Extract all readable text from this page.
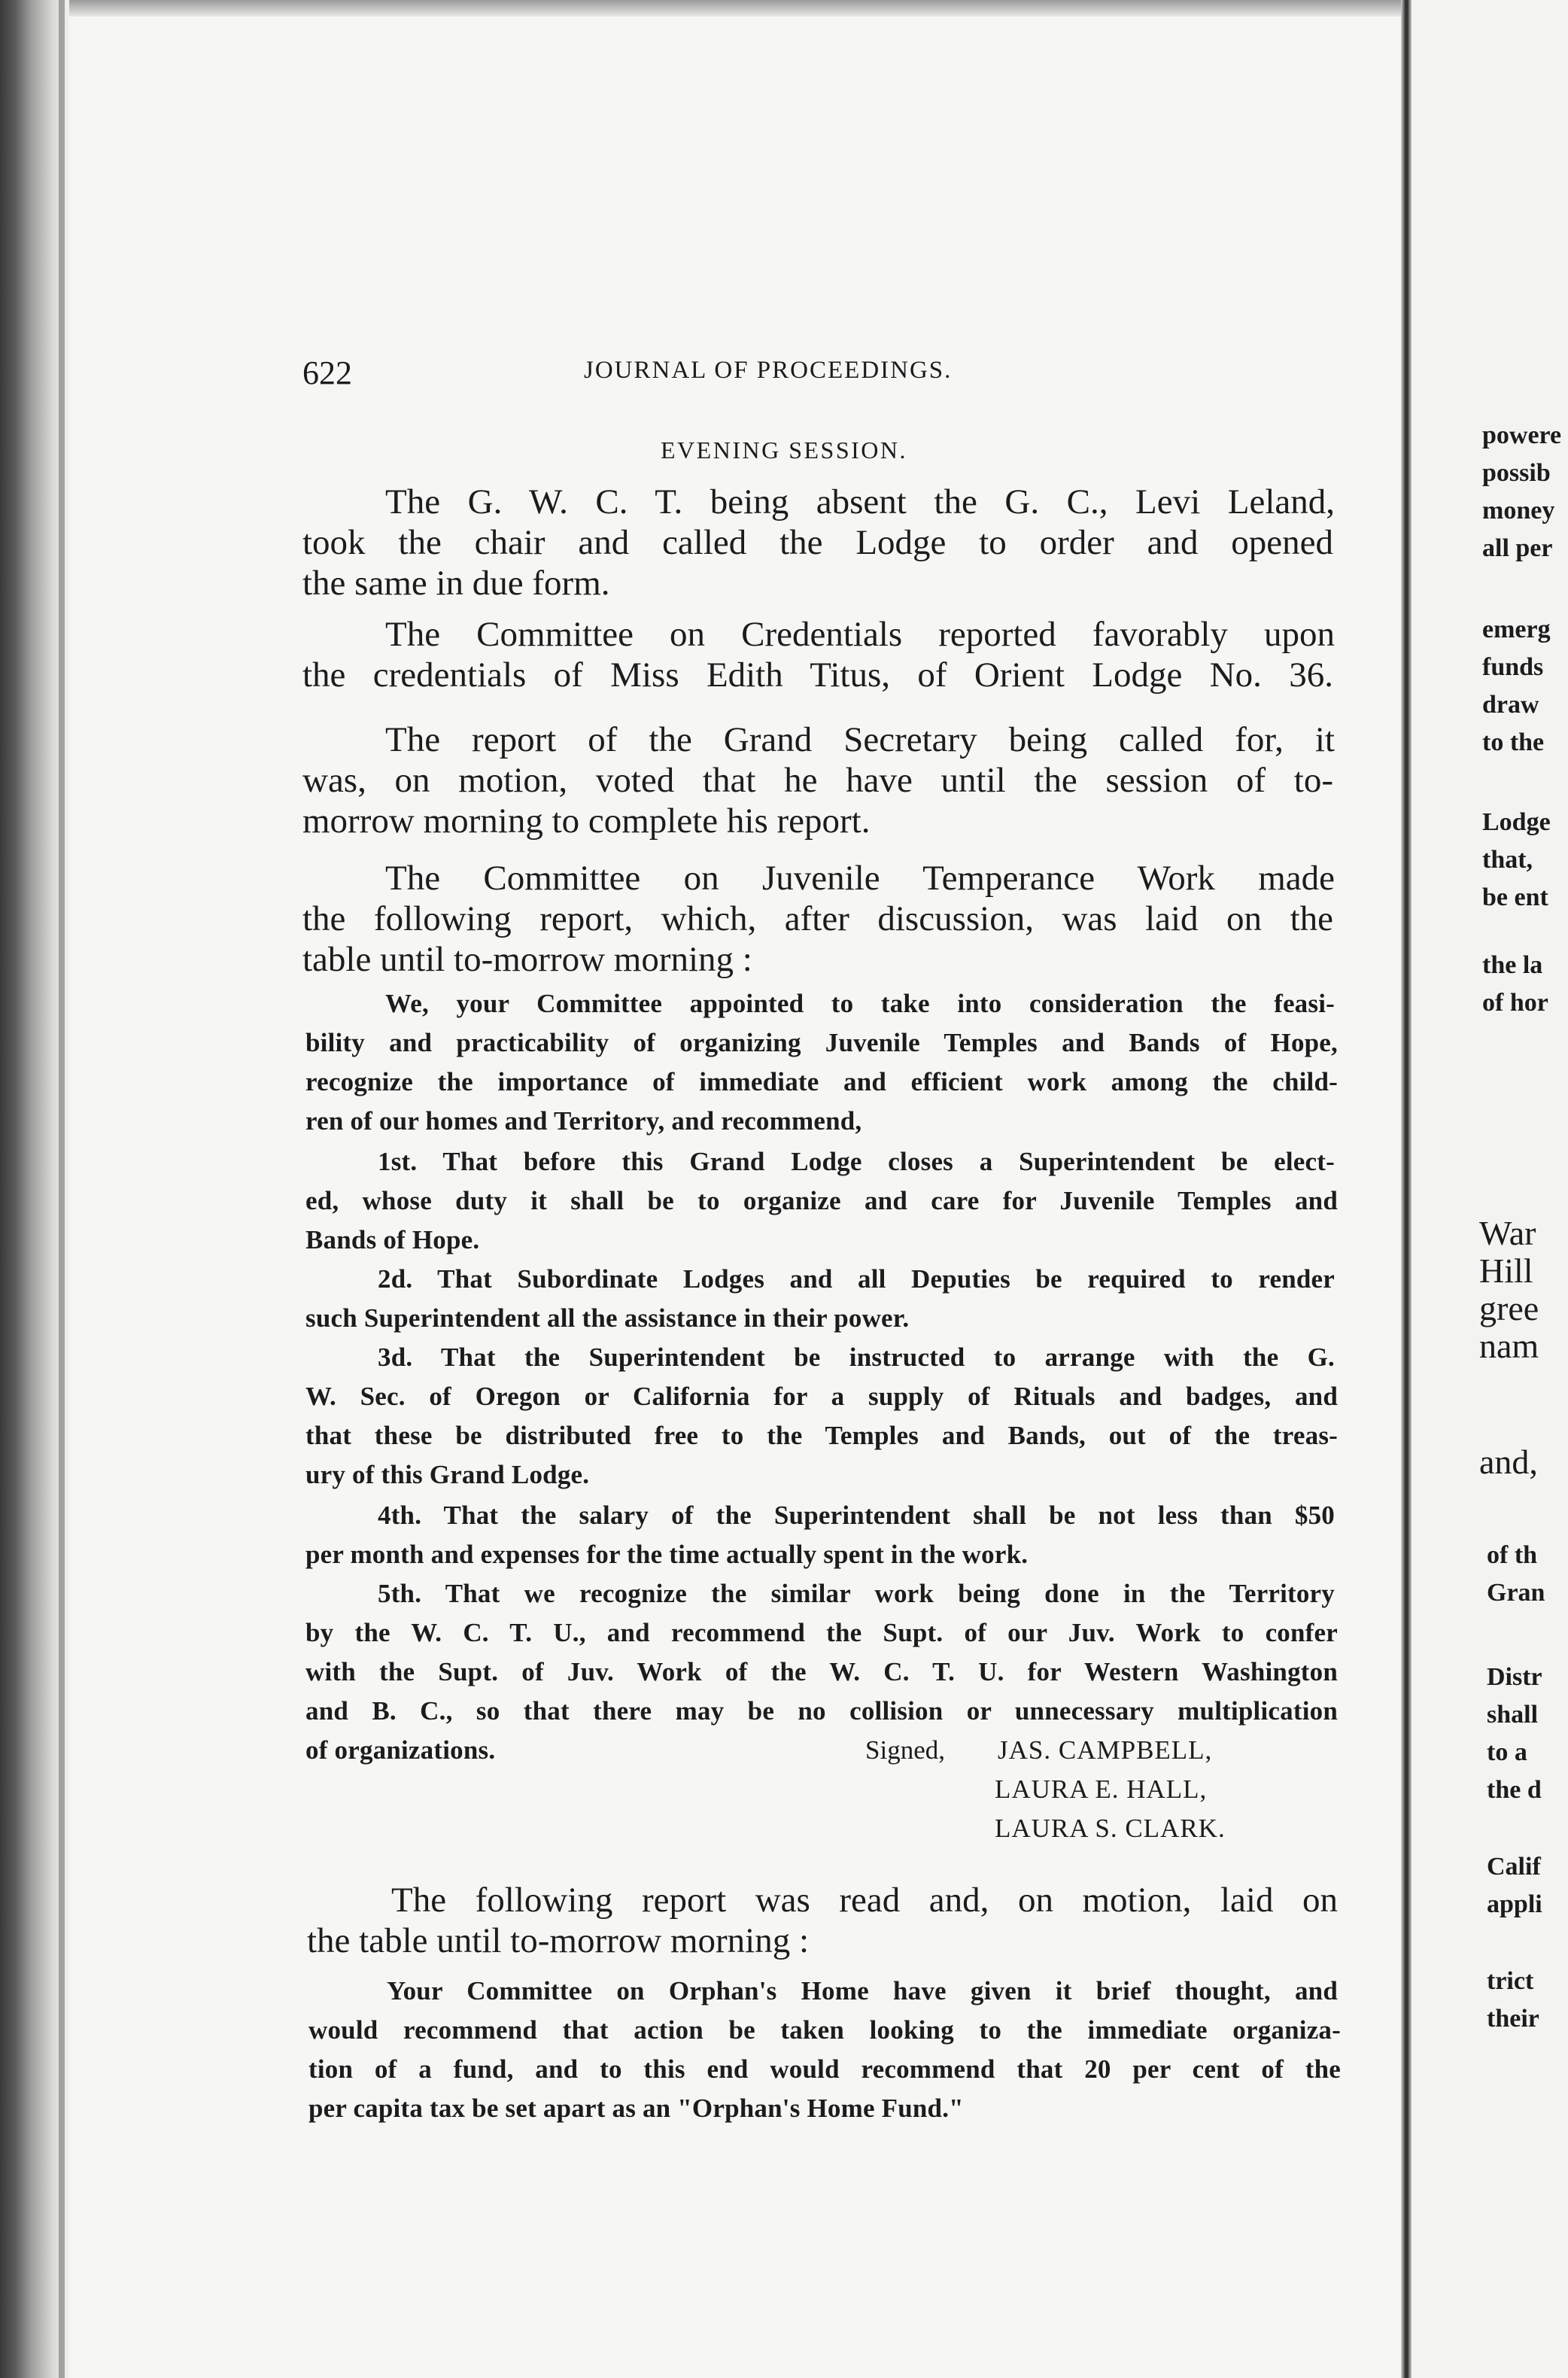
622	JOURNAL OF PROCEEDINGS.
EVENING SESSION.
The G. W. C. T. being absent the G. C., Levi Leland,
took the chair and called the Lodge to order and opened
the same in due form.
The Committee on Credentials reported favorably upon
the credentials of Miss Edith Titus, of Orient Lodge No. 36.
The report of the Grand Secretary being called for, it
was, on motion, voted that he have until the session of to-
morrow morning to complete his report.
The Committee on Juvenile Temperance Work made
the following report, which, after discussion, was laid on the
table until to-morrow morning :
We, your Committee appointed to take into consideration the feasi-
bility and practicability of organizing Juvenile Temples and Bands of Hope,
recognize the importance of immediate and efficient work among the child-
ren of our homes and Territory, and recommend,
1st. That before this Grand Lodge closes a Superintendent be elect-
ed, whose duty it shall be to organize and care for Juvenile Temples and
Bands of Hope.
2d. That Subordinate Lodges and all Deputies be required to render
such Superintendent all the assistance in their power.
3d. That the Superintendent be instructed to arrange with the G.
W. Sec. of Oregon or California for a supply of Rituals and badges, and
that these be distributed free to the Temples and Bands, out of the treas-
ury of this Grand Lodge.
4th. That the salary of the Superintendent shall be not less than $50
per month and expenses for the time actually spent in the work.
5th. That we recognize the similar work being done in the Territory
by the W. C. T. U., and recommend the Supt. of our Juv. Work to confer
with the Supt. of Juv. Work of the W. C. T. U. for Western Washington
and B. C., so that there may be no collision or unnecessary multiplication
of organizations.	Signed, JAS. CAMPBELL,
LAURA E. HALL,
LAURA S. CLARK.
The following report was read and, on motion, laid on
the table until to-morrow morning :
Your Committee on Orphan's Home have given it brief thought, and
would recommend that action be taken looking to the immediate organiza-
tion of a fund, and to this end would recommend that 20 per cent of the
per capita tax be set apart as an "Orphan's Home Fund."
powere
possib
money
all per
emerg
funds
draw
to the
Lodge
that,
be ent
the la
of hor
War
Hill
gree
nam
and,
of th
Gran
Distr
shall
to a
the d
Calif
appli
trict
their
